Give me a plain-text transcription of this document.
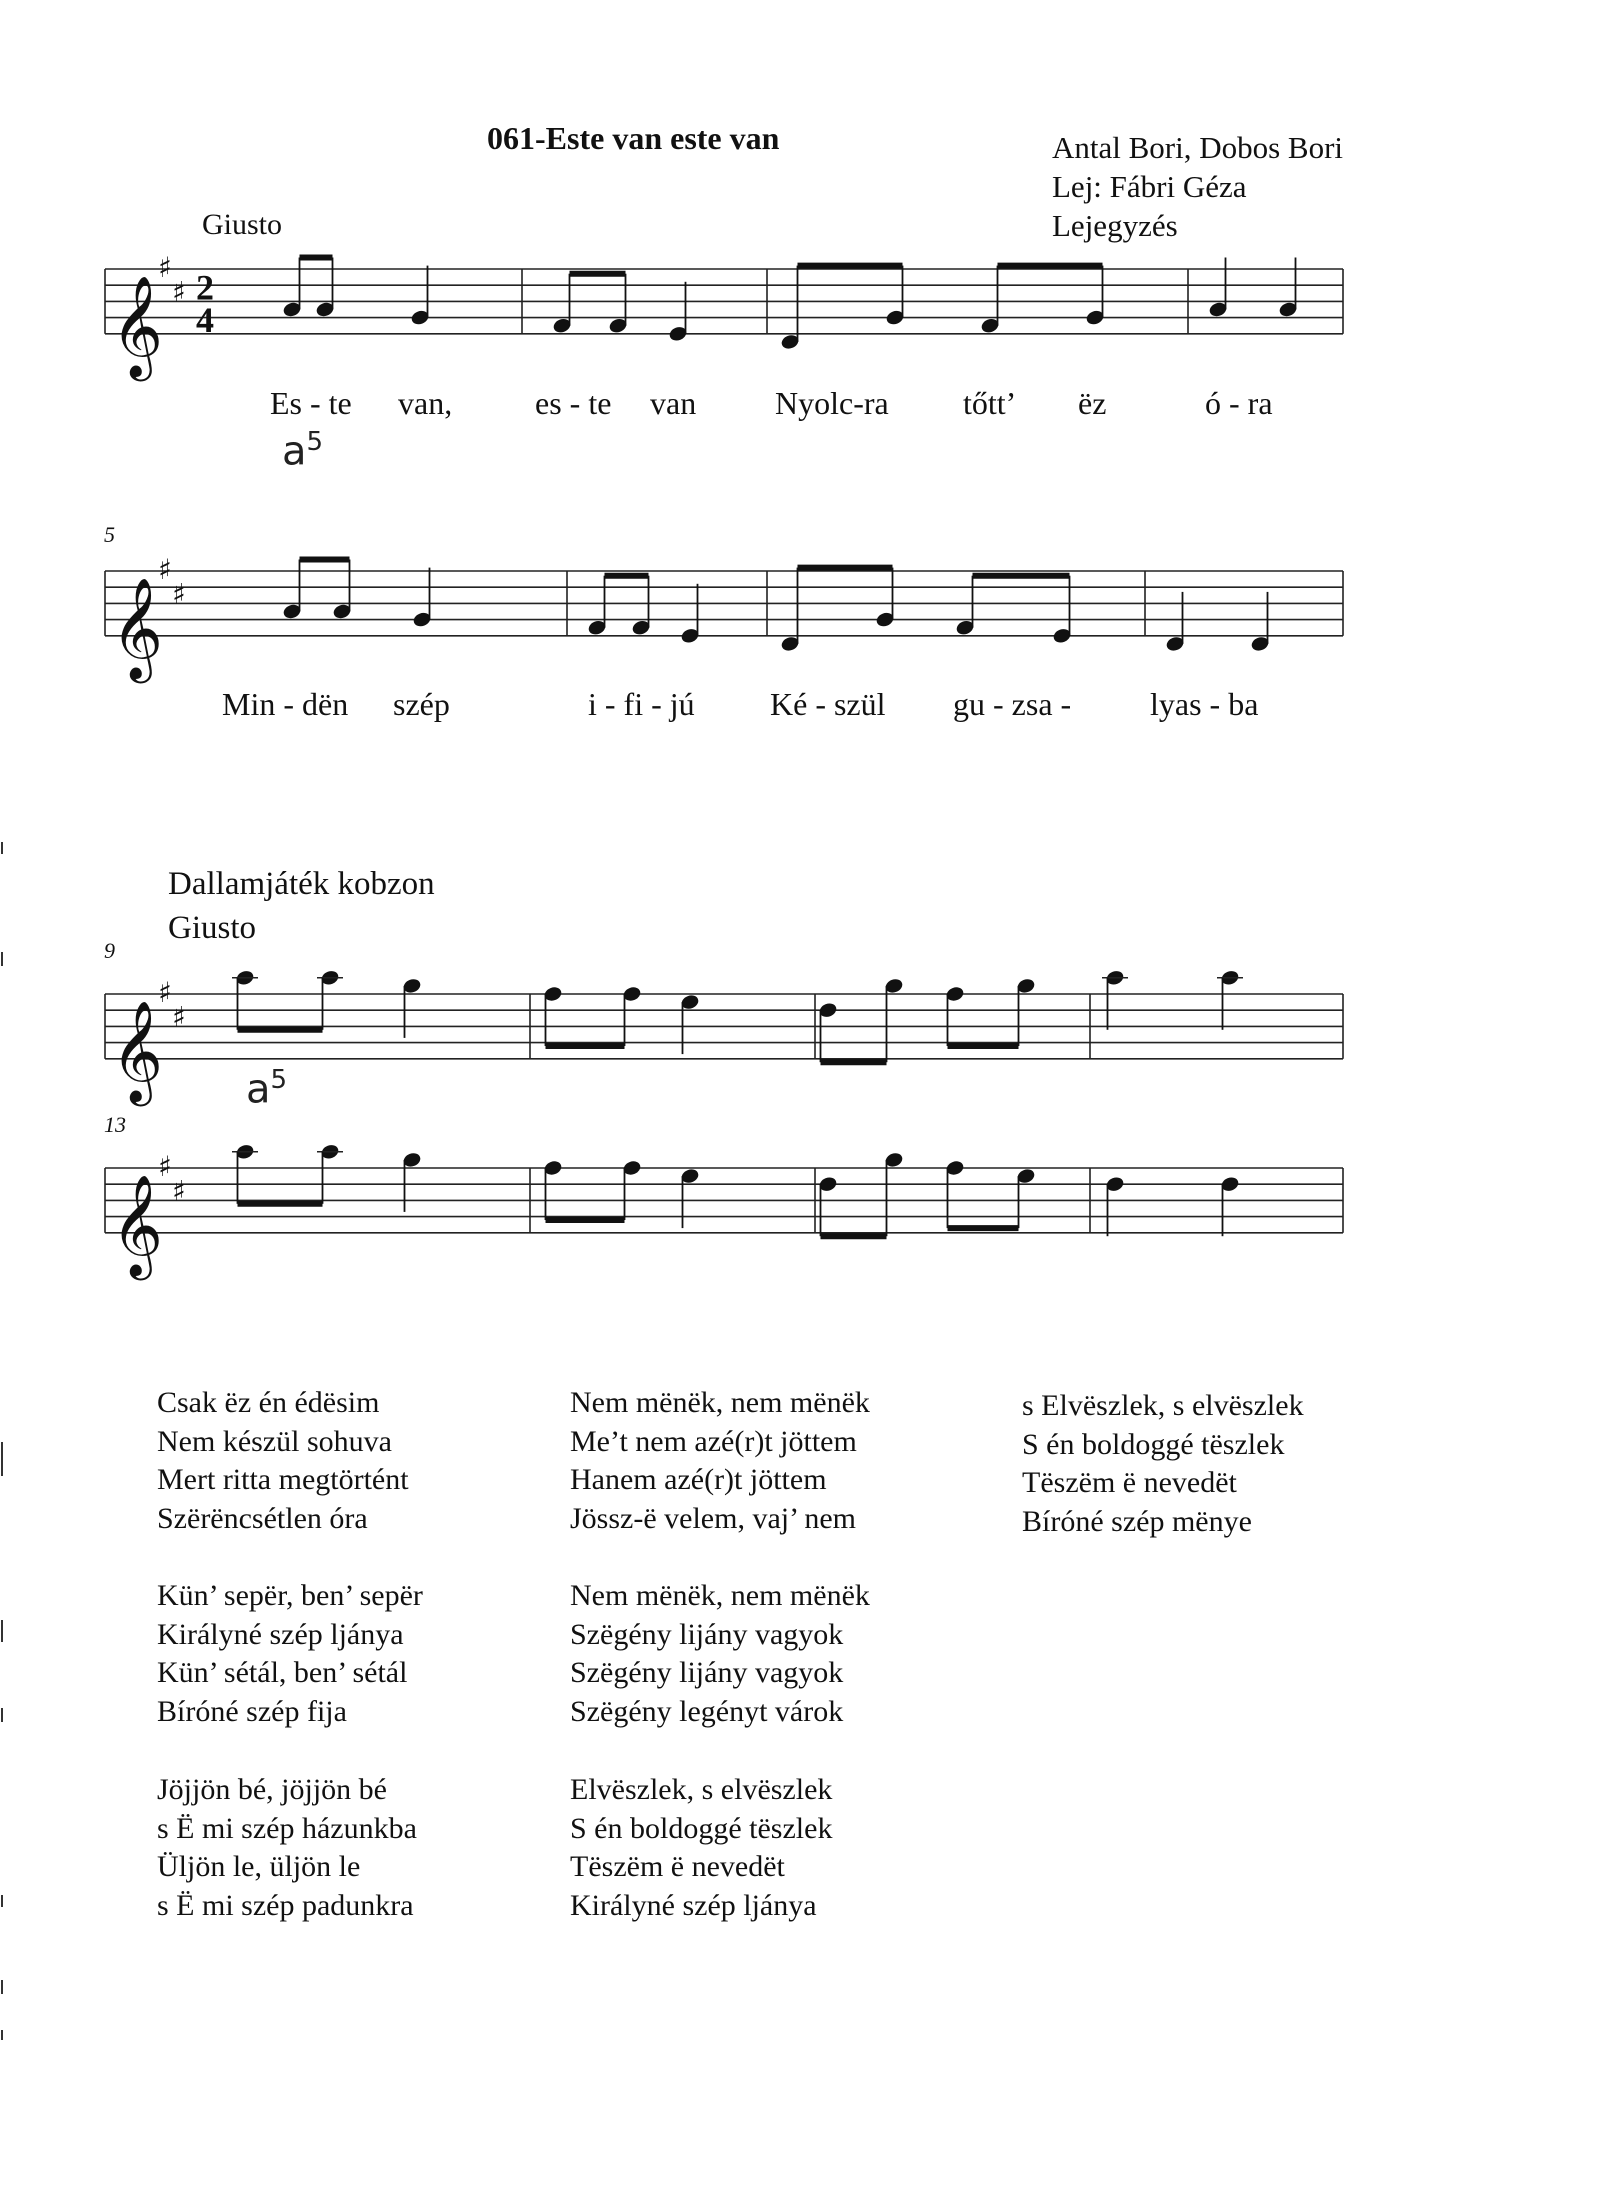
061-Este van este van	Antal Bori, Dobos Bori
Lej: Fábri Géza
Lejegyzés
Giusto
𝄞
♯
♯ 2
4
5
𝄞
♯
♯
Dallamjáték kobzon
Giusto
9
𝄞
♯
♯
13
𝄞
♯
♯
Es - te van,	es - te van Nyolc-ra tőtt’ ëz	ó - ra
$a^5$
Min - dën szép	i - fi - jú Ké - szül gu - zsa - lyas - ba
$a^5$
Csak ëz én édësim
Nem készül sohuva
Mert ritta megtörtént
Szërëncsétlen óra
Kün’ sepër, ben’ sepër
Királyné szép ljánya
Kün’ sétál, ben’ sétál
Bíróné szép fija
Jöjjön bé, jöjjön bé
s Ë mi szép házunkba
Üljön le, üljön le
s Ë mi szép padunkra
Nem mënëk, nem mënëk
Me’t nem azé(r)t jöttem
Hanem azé(r)t jöttem
Jössz-ë velem, vaj’ nem
Nem mënëk, nem mënëk
Szëgény lijány vagyok
Szëgény lijány vagyok
Szëgény legényt várok
Elvëszlek, s elvëszlek
S én boldoggé tëszlek
Tëszëm ë nevedët
Királyné szép ljánya
s Elvëszlek, s elvëszlek
S én boldoggé tëszlek
Tëszëm ë nevedët
Bíróné szép mënye
